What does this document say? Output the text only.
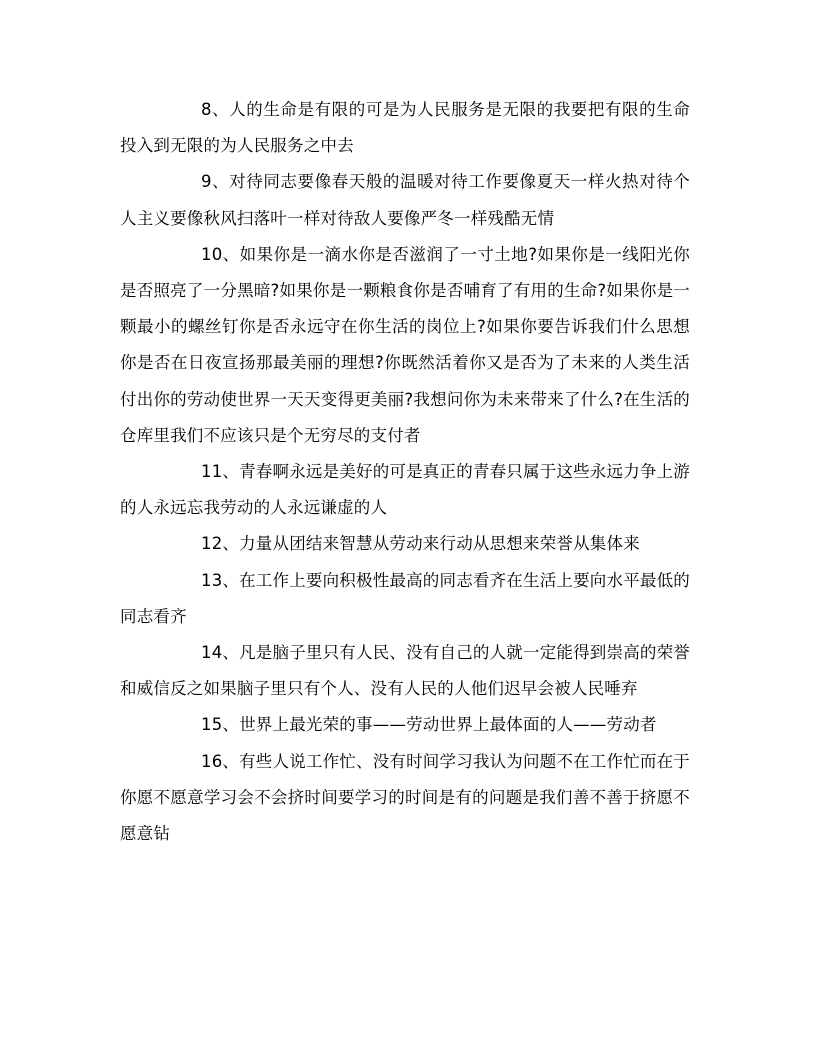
8、人的生命是有限的可是为人民服务是无限的我要把有限的生命投入到无限的为人民服务之中去

9、对待同志要像春天般的温暖对待工作要像夏天一样火热对待个人主义要像秋风扫落叶一样对待敌人要像严冬一样残酷无情

10、如果你是一滴水你是否滋润了一寸土地?如果你是一线阳光你是否照亮了一分黑暗?如果你是一颗粮食你是否哺育了有用的生命?如果你是一颗最小的螺丝钉你是否永远守在你生活的岗位上?如果你要告诉我们什么思想你是否在日夜宣扬那最美丽的理想?你既然活着你又是否为了未来的人类生活付出你的劳动使世界一天天变得更美丽?我想问你为未来带来了什么?在生活的仓库里我们不应该只是个无穷尽的支付者

11、青春啊永远是美好的可是真正的青春只属于这些永远力争上游的人永远忘我劳动的人永远谦虚的人

12、力量从团结来智慧从劳动来行动从思想来荣誉从集体来

13、在工作上要向积极性最高的同志看齐在生活上要向水平最低的同志看齐

14、凡是脑子里只有人民、没有自己的人就一定能得到崇高的荣誉和威信反之如果脑子里只有个人、没有人民的人他们迟早会被人民唾弃

15、世界上最光荣的事——劳动世界上最体面的人——劳动者

16、有些人说工作忙、没有时间学习我认为问题不在工作忙而在于你愿不愿意学习会不会挤时间要学习的时间是有的问题是我们善不善于挤愿不愿意钻
